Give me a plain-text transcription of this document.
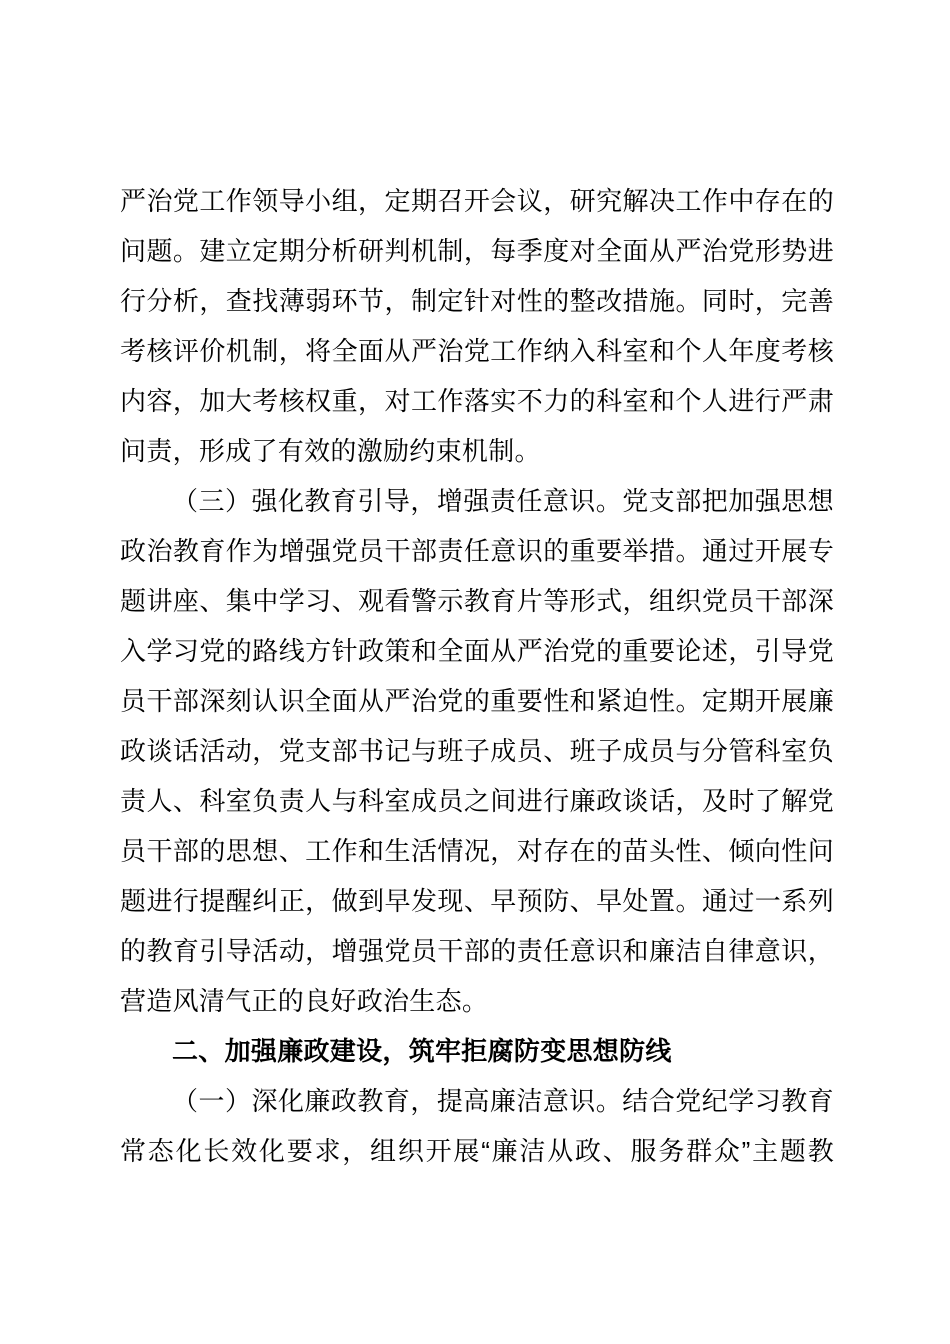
严治党工作领导小组，定期召开会议，研究解决工作中存在的
问题。建立定期分析研判机制，每季度对全面从严治党形势进
行分析，查找薄弱环节，制定针对性的整改措施。同时，完善
考核评价机制，将全面从严治党工作纳入科室和个人年度考核
内容，加大考核权重，对工作落实不力的科室和个人进行严肃
问责，形成了有效的激励约束机制。
（三）强化教育引导，增强责任意识。党支部把加强思想
政治教育作为增强党员干部责任意识的重要举措。通过开展专
题讲座、集中学习、观看警示教育片等形式，组织党员干部深
入学习党的路线方针政策和全面从严治党的重要论述，引导党
员干部深刻认识全面从严治党的重要性和紧迫性。定期开展廉
政谈话活动，党支部书记与班子成员、班子成员与分管科室负
责人、科室负责人与科室成员之间进行廉政谈话，及时了解党
员干部的思想、工作和生活情况，对存在的苗头性、倾向性问
题进行提醒纠正，做到早发现、早预防、早处置。通过一系列
的教育引导活动，增强党员干部的责任意识和廉洁自律意识，
营造风清气正的良好政治生态。
二、加强廉政建设，筑牢拒腐防变思想防线
（一）深化廉政教育，提高廉洁意识。结合党纪学习教育
常态化长效化要求，组织开展“廉洁从政、服务群众”主题教
